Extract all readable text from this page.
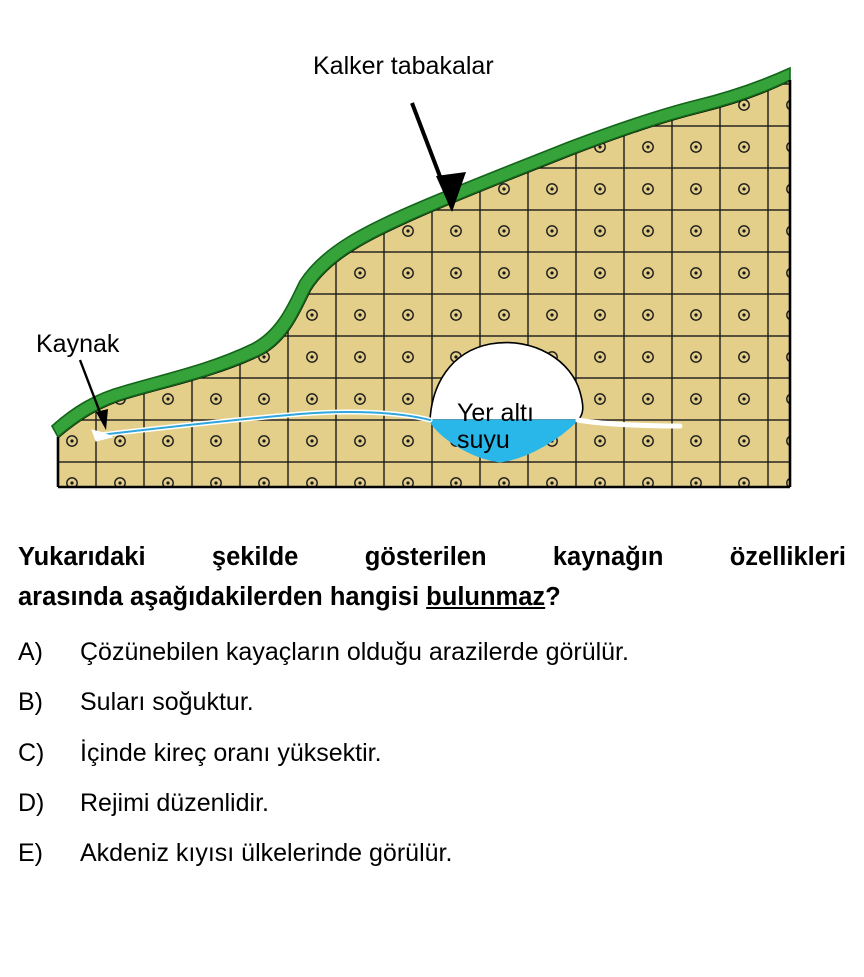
Kalker tabakalar
Kaynak
Yer altı
suyu
Yukarıdaki	şekilde	gösterilen	kaynağın	özellikleri
arasında aşağıdakilerden hangisi bulunmaz?
A)	Çözünebilen kayaçların olduğu arazilerde görülür.
B)	Suları soğuktur.
C)	İçinde kireç oranı yüksektir.
D)	Rejimi düzenlidir.
E)	Akdeniz kıyısı ülkelerinde görülür.
